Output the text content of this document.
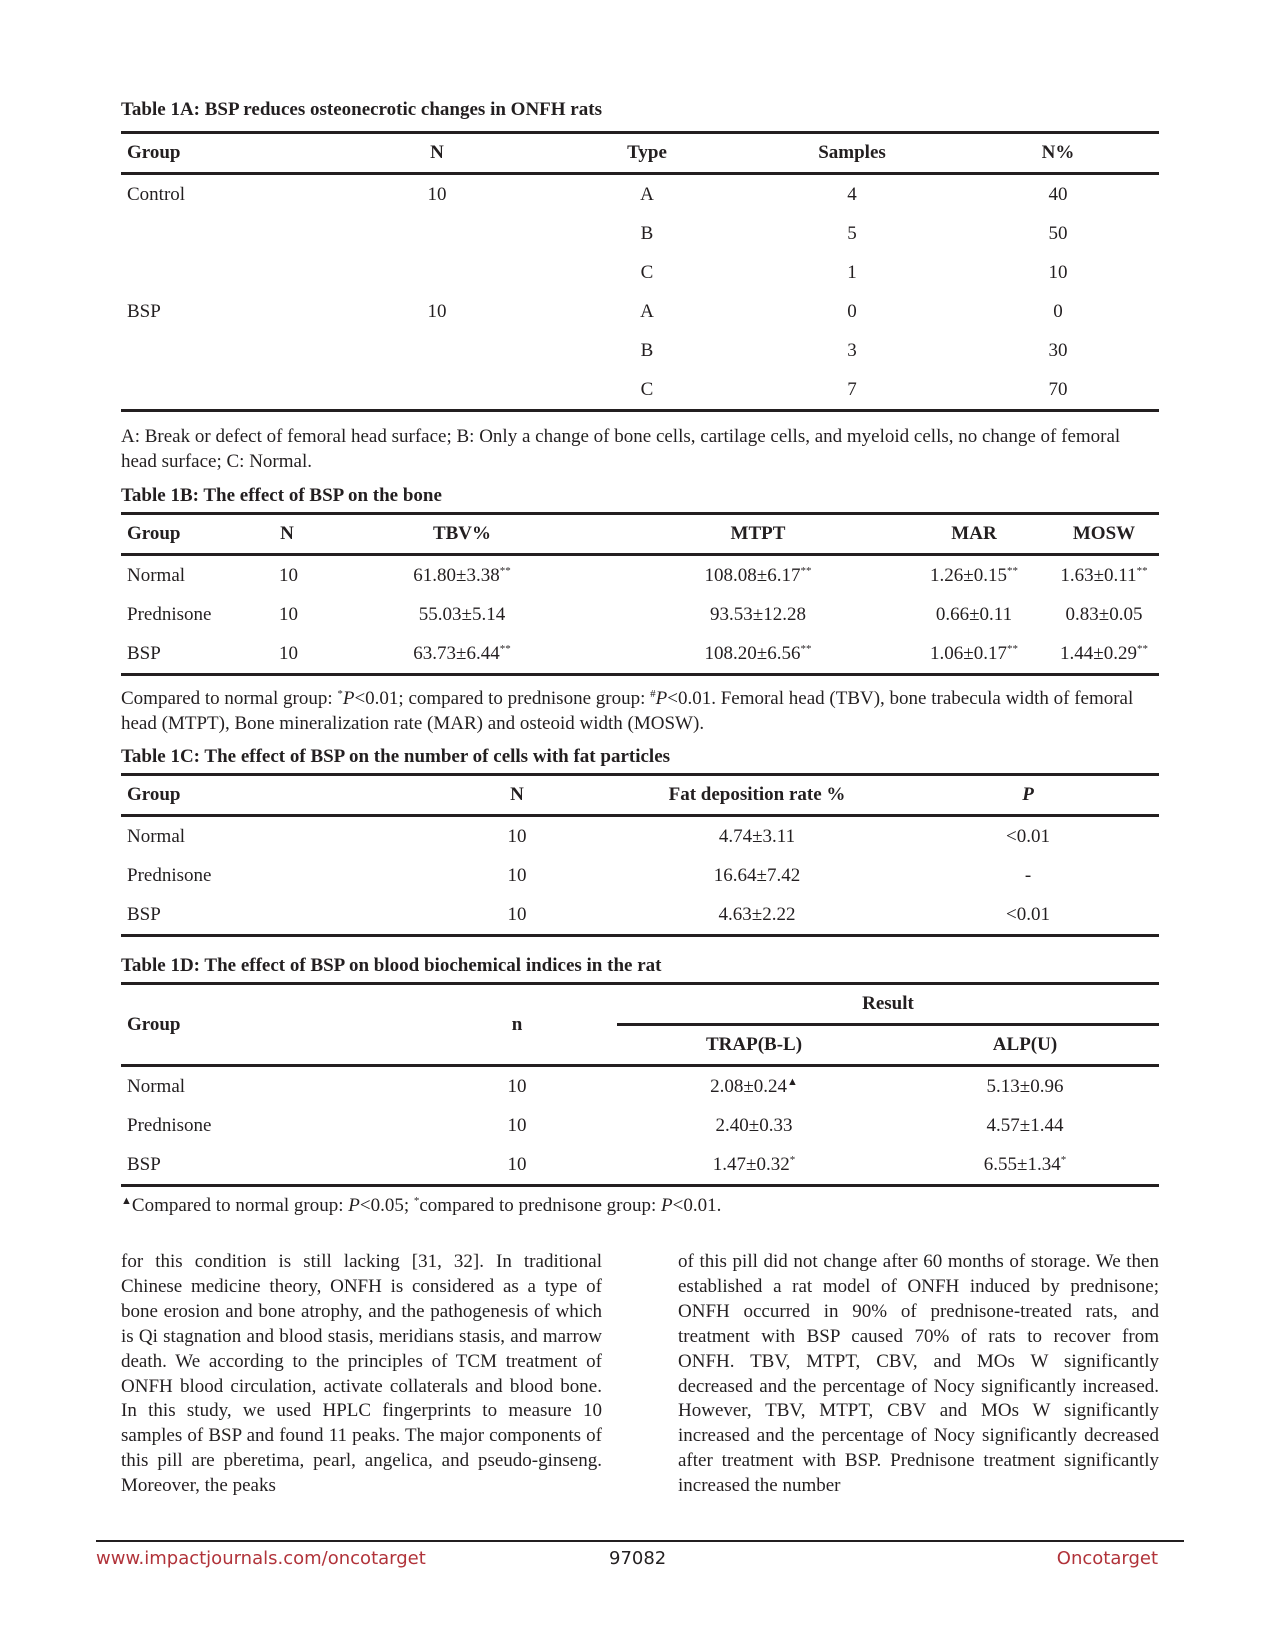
Table 1A: BSP reduces osteonecrotic changes in ONFH rats

Group	N	Type	Samples	N%
Control	10	A	4	40
		B	5	50
		C	1	10
BSP	10	A	0	0
		B	3	30
		C	7	70

A: Break or defect of femoral head surface; B: Only a change of bone cells, cartilage cells, and myeloid cells, no change of femoral head surface; C: Normal.

Table 1B: The effect of BSP on the bone

Group	N	TBV%	MTPT	MAR	MOSW
Normal	10	61.80±3.38**	108.08±6.17**	1.26±0.15**	1.63±0.11**
Prednisone	10	55.03±5.14	93.53±12.28	0.66±0.11	0.83±0.05
BSP	10	63.73±6.44**	108.20±6.56**	1.06±0.17**	1.44±0.29**

Compared to normal group: *P<0.01; compared to prednisone group: #P<0.01. Femoral head (TBV), bone trabecula width of femoral head (MTPT), Bone mineralization rate (MAR) and osteoid width (MOSW).

Table 1C: The effect of BSP on the number of cells with fat particles

Group	N	Fat deposition rate %	P
Normal	10	4.74±3.11	<0.01
Prednisone	10	16.64±7.42	-
BSP	10	4.63±2.22	<0.01

Table 1D: The effect of BSP on blood biochemical indices in the rat

Group	n	Result	
		TRAP(B-L)	ALP(U)
Normal	10	2.08±0.24▲	5.13±0.96
Prednisone	10	2.40±0.33	4.57±1.44
BSP	10	1.47±0.32*	6.55±1.34*

▲Compared to normal group: P<0.05; *compared to prednisone group: P<0.01.

for this condition is still lacking [31, 32]. In traditional Chinese medicine theory, ONFH is considered as a type of bone erosion and bone atrophy, and the pathogenesis of which is Qi stagnation and blood stasis, meridians stasis, and marrow death. We according to the principles of TCM treatment of ONFH blood circulation, activate collaterals and blood bone. In this study, we used HPLC fingerprints to measure 10 samples of BSP and found 11 peaks. The major components of this pill are pberetima, pearl, angelica, and pseudo-ginseng. Moreover, the peaks

of this pill did not change after 60 months of storage. We then established a rat model of ONFH induced by prednisone; ONFH occurred in 90% of prednisone-treated rats, and treatment with BSP caused 70% of rats to recover from ONFH. TBV, MTPT, CBV, and MOs W significantly decreased and the percentage of Nocy significantly increased. However, TBV, MTPT, CBV and MOs W significantly increased and the percentage of Nocy significantly decreased after treatment with BSP. Prednisone treatment significantly increased the number

www.impactjournals.com/oncotarget	97082	Oncotarget
